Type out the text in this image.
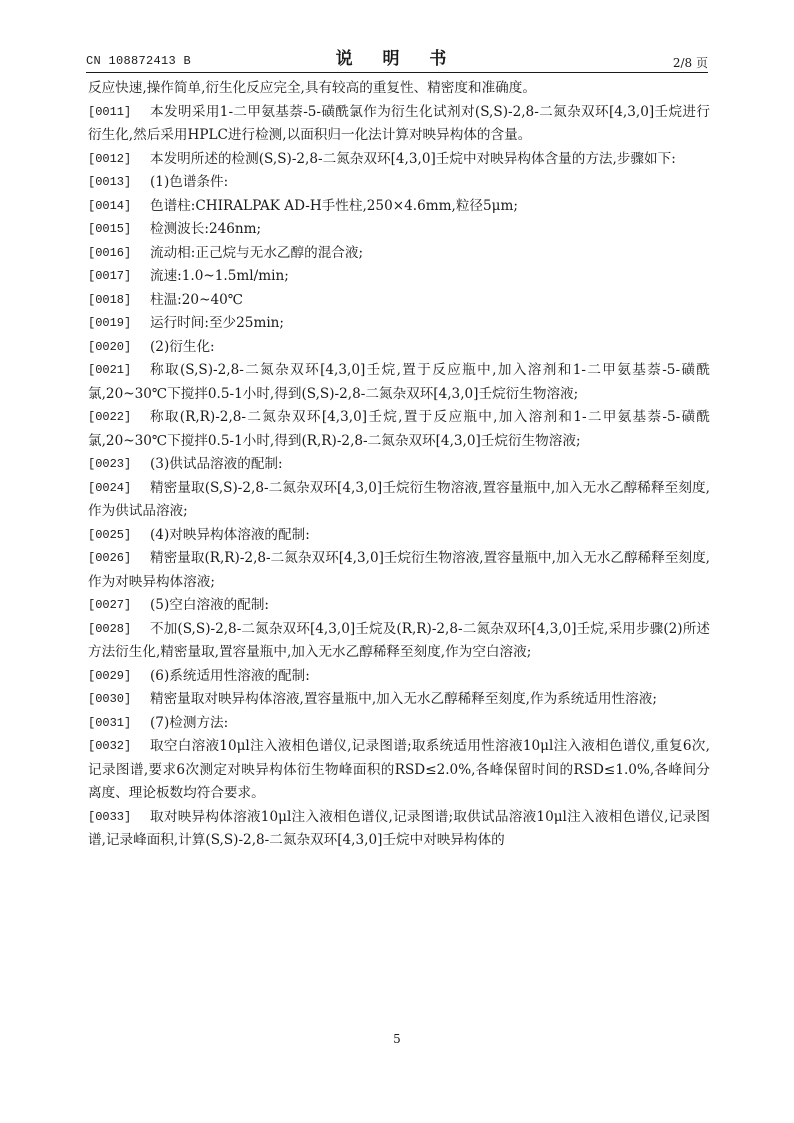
CN 108872413 B	说 明 书	2/8 页

反应快速,操作简单,衍生化反应完全,具有较高的重复性、精密度和准确度。

[0011]	本发明采用1-二甲氨基萘-5-磺酰氯作为衍生化试剂对(S,S)-2,8-二氮杂双环[4,3,0]壬烷进行衍生化,然后采用HPLC进行检测,以面积归一化法计算对映异构体的含量。

[0012]	本发明所述的检测(S,S)-2,8-二氮杂双环[4,3,0]壬烷中对映异构体含量的方法,步骤如下:

[0013]	(1)色谱条件:

[0014]	色谱柱:CHIRALPAK AD-H手性柱,250×4.6mm,粒径5μm;

[0015]	检测波长:246nm;

[0016]	流动相:正己烷与无水乙醇的混合液;

[0017]	流速:1.0~1.5ml/min;

[0018]	柱温:20~40℃

[0019]	运行时间:至少25min;

[0020]	(2)衍生化:

[0021]	称取(S,S)-2,8-二氮杂双环[4,3,0]壬烷,置于反应瓶中,加入溶剂和1-二甲氨基萘-5-磺酰氯,20~30℃下搅拌0.5-1小时,得到(S,S)-2,8-二氮杂双环[4,3,0]壬烷衍生物溶液;

[0022]	称取(R,R)-2,8-二氮杂双环[4,3,0]壬烷,置于反应瓶中,加入溶剂和1-二甲氨基萘-5-磺酰氯,20~30℃下搅拌0.5-1小时,得到(R,R)-2,8-二氮杂双环[4,3,0]壬烷衍生物溶液;

[0023]	(3)供试品溶液的配制:

[0024]	精密量取(S,S)-2,8-二氮杂双环[4,3,0]壬烷衍生物溶液,置容量瓶中,加入无水乙醇稀释至刻度,作为供试品溶液;

[0025]	(4)对映异构体溶液的配制:

[0026]	精密量取(R,R)-2,8-二氮杂双环[4,3,0]壬烷衍生物溶液,置容量瓶中,加入无水乙醇稀释至刻度,作为对映异构体溶液;

[0027]	(5)空白溶液的配制:

[0028]	不加(S,S)-2,8-二氮杂双环[4,3,0]壬烷及(R,R)-2,8-二氮杂双环[4,3,0]壬烷,采用步骤(2)所述方法衍生化,精密量取,置容量瓶中,加入无水乙醇稀释至刻度,作为空白溶液;

[0029]	(6)系统适用性溶液的配制:

[0030]	精密量取对映异构体溶液,置容量瓶中,加入无水乙醇稀释至刻度,作为系统适用性溶液;

[0031]	(7)检测方法:

[0032]	取空白溶液10μl注入液相色谱仪,记录图谱;取系统适用性溶液10μl注入液相色谱仪,重复6次,记录图谱,要求6次测定对映异构体衍生物峰面积的RSD≤2.0%,各峰保留时间的RSD≤1.0%,各峰间分离度、理论板数均符合要求。

[0033]	取对映异构体溶液10μl注入液相色谱仪,记录图谱;取供试品溶液10μl注入液相色谱仪,记录图谱,记录峰面积,计算(S,S)-2,8-二氮杂双环[4,3,0]壬烷中对映异构体的

5
